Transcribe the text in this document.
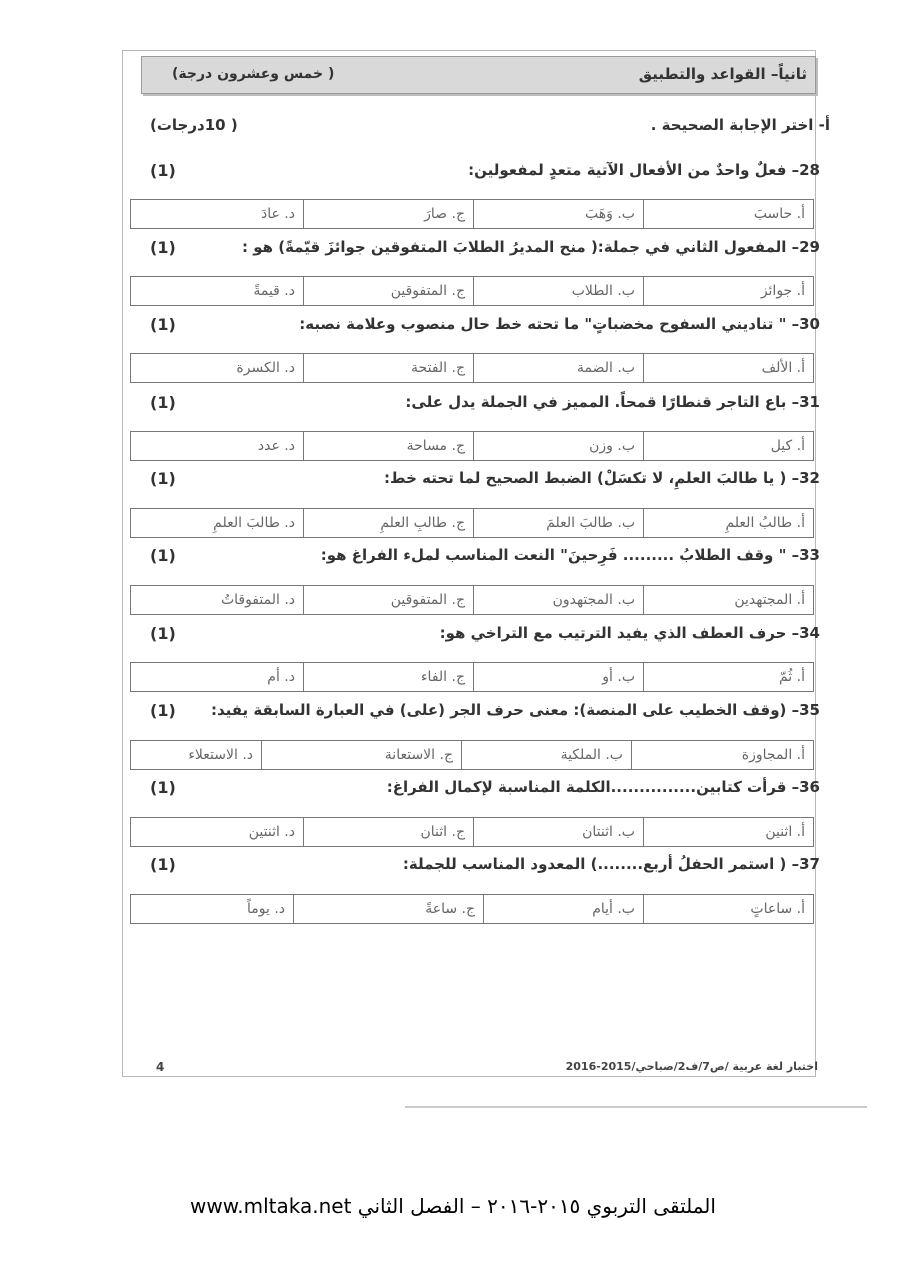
ثانياً– القواعد والتطبيق
( خمس وعشرون درجة)
أ- اختر الإجابة الصحيحة .
( 10درجات)
28– فعلٌ واحدٌ من الأفعال الآتية متعدٍ لمفعولين:
(1)
أ. حاسبَ
ب. وَهَبَ
ج. صارَ
د. عادَ
29– المفعول الثاني في جملة:( منح المديرُ الطلابَ المتفوقين جوائزَ قيّمةً) هو :
(1)
أ. جوائز
ب. الطلاب
ج. المتفوقين
د. قيمةً
30– " تناديني السفوح مخضباتٍ" ما تحته خط حال منصوب وعلامة نصبه:
(1)
أ. الألف
ب. الضمة
ج. الفتحة
د. الكسرة
31– باع التاجر قنطارًا قمحاً. المميز في الجملة يدل على:
(1)
أ. كيل
ب. وزن
ج. مساحة
د. عدد
32– ( يا طالبَ العلمِ، لا تكسَلْ) الضبط الصحيح لما تحته خط:
(1)
أ. طالبُ العلمِ
ب. طالبَ العلمَ
ج. طالبِ العلمِ
د. طالبَ العلمِ
33– " وقف الطلابُ ......... فَرِحينَ" النعت المناسب لملء الفراغ هو:
(1)
أ. المجتهدين
ب. المجتهدون
ج. المتفوقين
د. المتفوقاتُ
34– حرف العطف الذي يفيد الترتيب مع التراخي هو:
(1)
أ. ثُمّ
ب. أو
ج. الفاء
د. أم
35– (وقف الخطيب على المنصة): معنى حرف الجر (على) في العبارة السابقة يفيد:
(1)
أ. المجاوزة
ب. الملكية
ج. الاستعانة
د. الاستعلاء
36– قرأت كتابين...............الكلمة المناسبة لإكمال الفراغ:
(1)
أ. اثنين
ب. اثنتان
ج. اثنان
د. اثنتين
37– ( استمر الحفلُ أربع........) المعدود المناسب للجملة:
(1)
أ. ساعاتٍ
ب. أيام
ج. ساعةً
د. يوماً
4	اختبار لغة عربية /ص7/ف2/صباحي/2015-2016
الملتقى التربوي ٢٠١٥-٢٠١٦ – الفصل الثاني www.mltaka.net
